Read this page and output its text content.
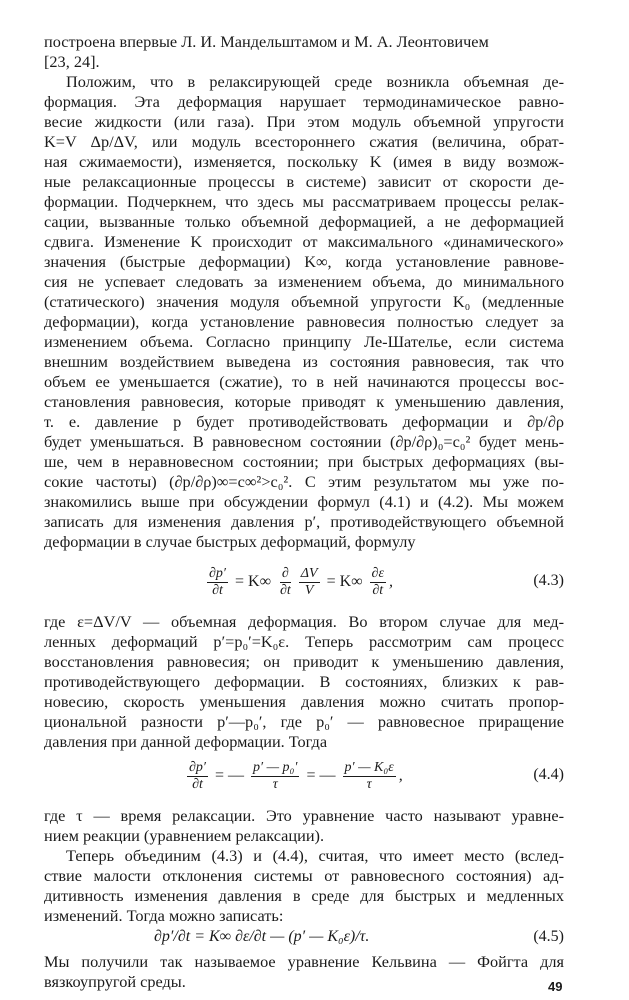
построена впервые Л. И. Мандельштамом и М. А. Леонтовичем
[23, 24].
Положим, что в релаксирующей среде возникла объемная де-
формация. Эта деформация нарушает термодинамическое равно-
весие жидкости (или газа). При этом модуль объемной упругости
K=V Δp/ΔV, или модуль всестороннего сжатия (величина, обрат-
ная сжимаемости), изменяется, поскольку K (имея в виду возмож-
ные релаксационные процессы в системе) зависит от скорости де-
формации. Подчеркнем, что здесь мы рассматриваем процессы релак-
сации, вызванные только объемной деформацией, а не деформацией
сдвига. Изменение K происходит от максимального «динамического»
значения (быстрые деформации) K∞, когда установление равнове-
сия не успевает следовать за изменением объема, до минимального
(статического) значения модуля объемной упругости K₀ (медленные
деформации), когда установление равновесия полностью следует за
изменением объема. Согласно принципу Ле-Шателье, если система
внешним воздействием выведена из состояния равновесия, так что
объем ее уменьшается (сжатие), то в ней начинаются процессы вос-
становления равновесия, которые приводят к уменьшению давления,
т. е. давление p будет противодействовать деформации и ∂p/∂ρ
будет уменьшаться. В равновесном состоянии (∂p/∂ρ)₀=c₀² будет мень-
ше, чем в неравновесном состоянии; при быстрых деформациях (вы-
сокие частоты) (∂p/∂ρ)∞=c∞²>c₀². С этим результатом мы уже по-
знакомились выше при обсуждении формул (4.1) и (4.2). Мы можем
записать для изменения давления p′, противодействующего объемной
деформации в случае быстрых деформаций, формулу
$\frac{\partial p'}{\partial t} = K\infty \frac{\partial}{\partial t} \frac{\Delta V}{V} = K\infty \frac{\partial\varepsilon}{\partial t}$ ,	(4.3)
где ε=ΔV/V — объемная деформация. Во втором случае для мед-
ленных деформаций p′=p₀′=K₀ε. Теперь рассмотрим сам процесс
восстановления равновесия; он приводит к уменьшению давления,
противодействующего деформации. В состояниях, близких к рав-
новесию, скорость уменьшения давления можно считать пропор-
циональной разности p′—p₀′, где p₀′ — равновесное приращение
давления при данной деформации. Тогда
$\frac{\partial p'}{\partial t}$ = — $\frac{\text{p′ — p₀′}}{\tau}$ = — $\frac{\text{p′ — K₀ε}}{\tau}$ ,	(4.4)
где τ — время релаксации. Это уравнение часто называют уравне-
нием реакции (уравнением релаксации).
Теперь объединим (4.3) и (4.4), считая, что имеет место (вслед-
ствие малости отклонения системы от равновесного состояния) ад-
дитивность изменения давления в среде для быстрых и медленных
изменений. Тогда можно записать:
∂p′/∂t = K∞ ∂ε/∂t — (p′ — K₀ε)/τ.	(4.5)
Мы получили так называемое уравнение Кельвина — Фойгта для
вязкоупругой среды.	49
